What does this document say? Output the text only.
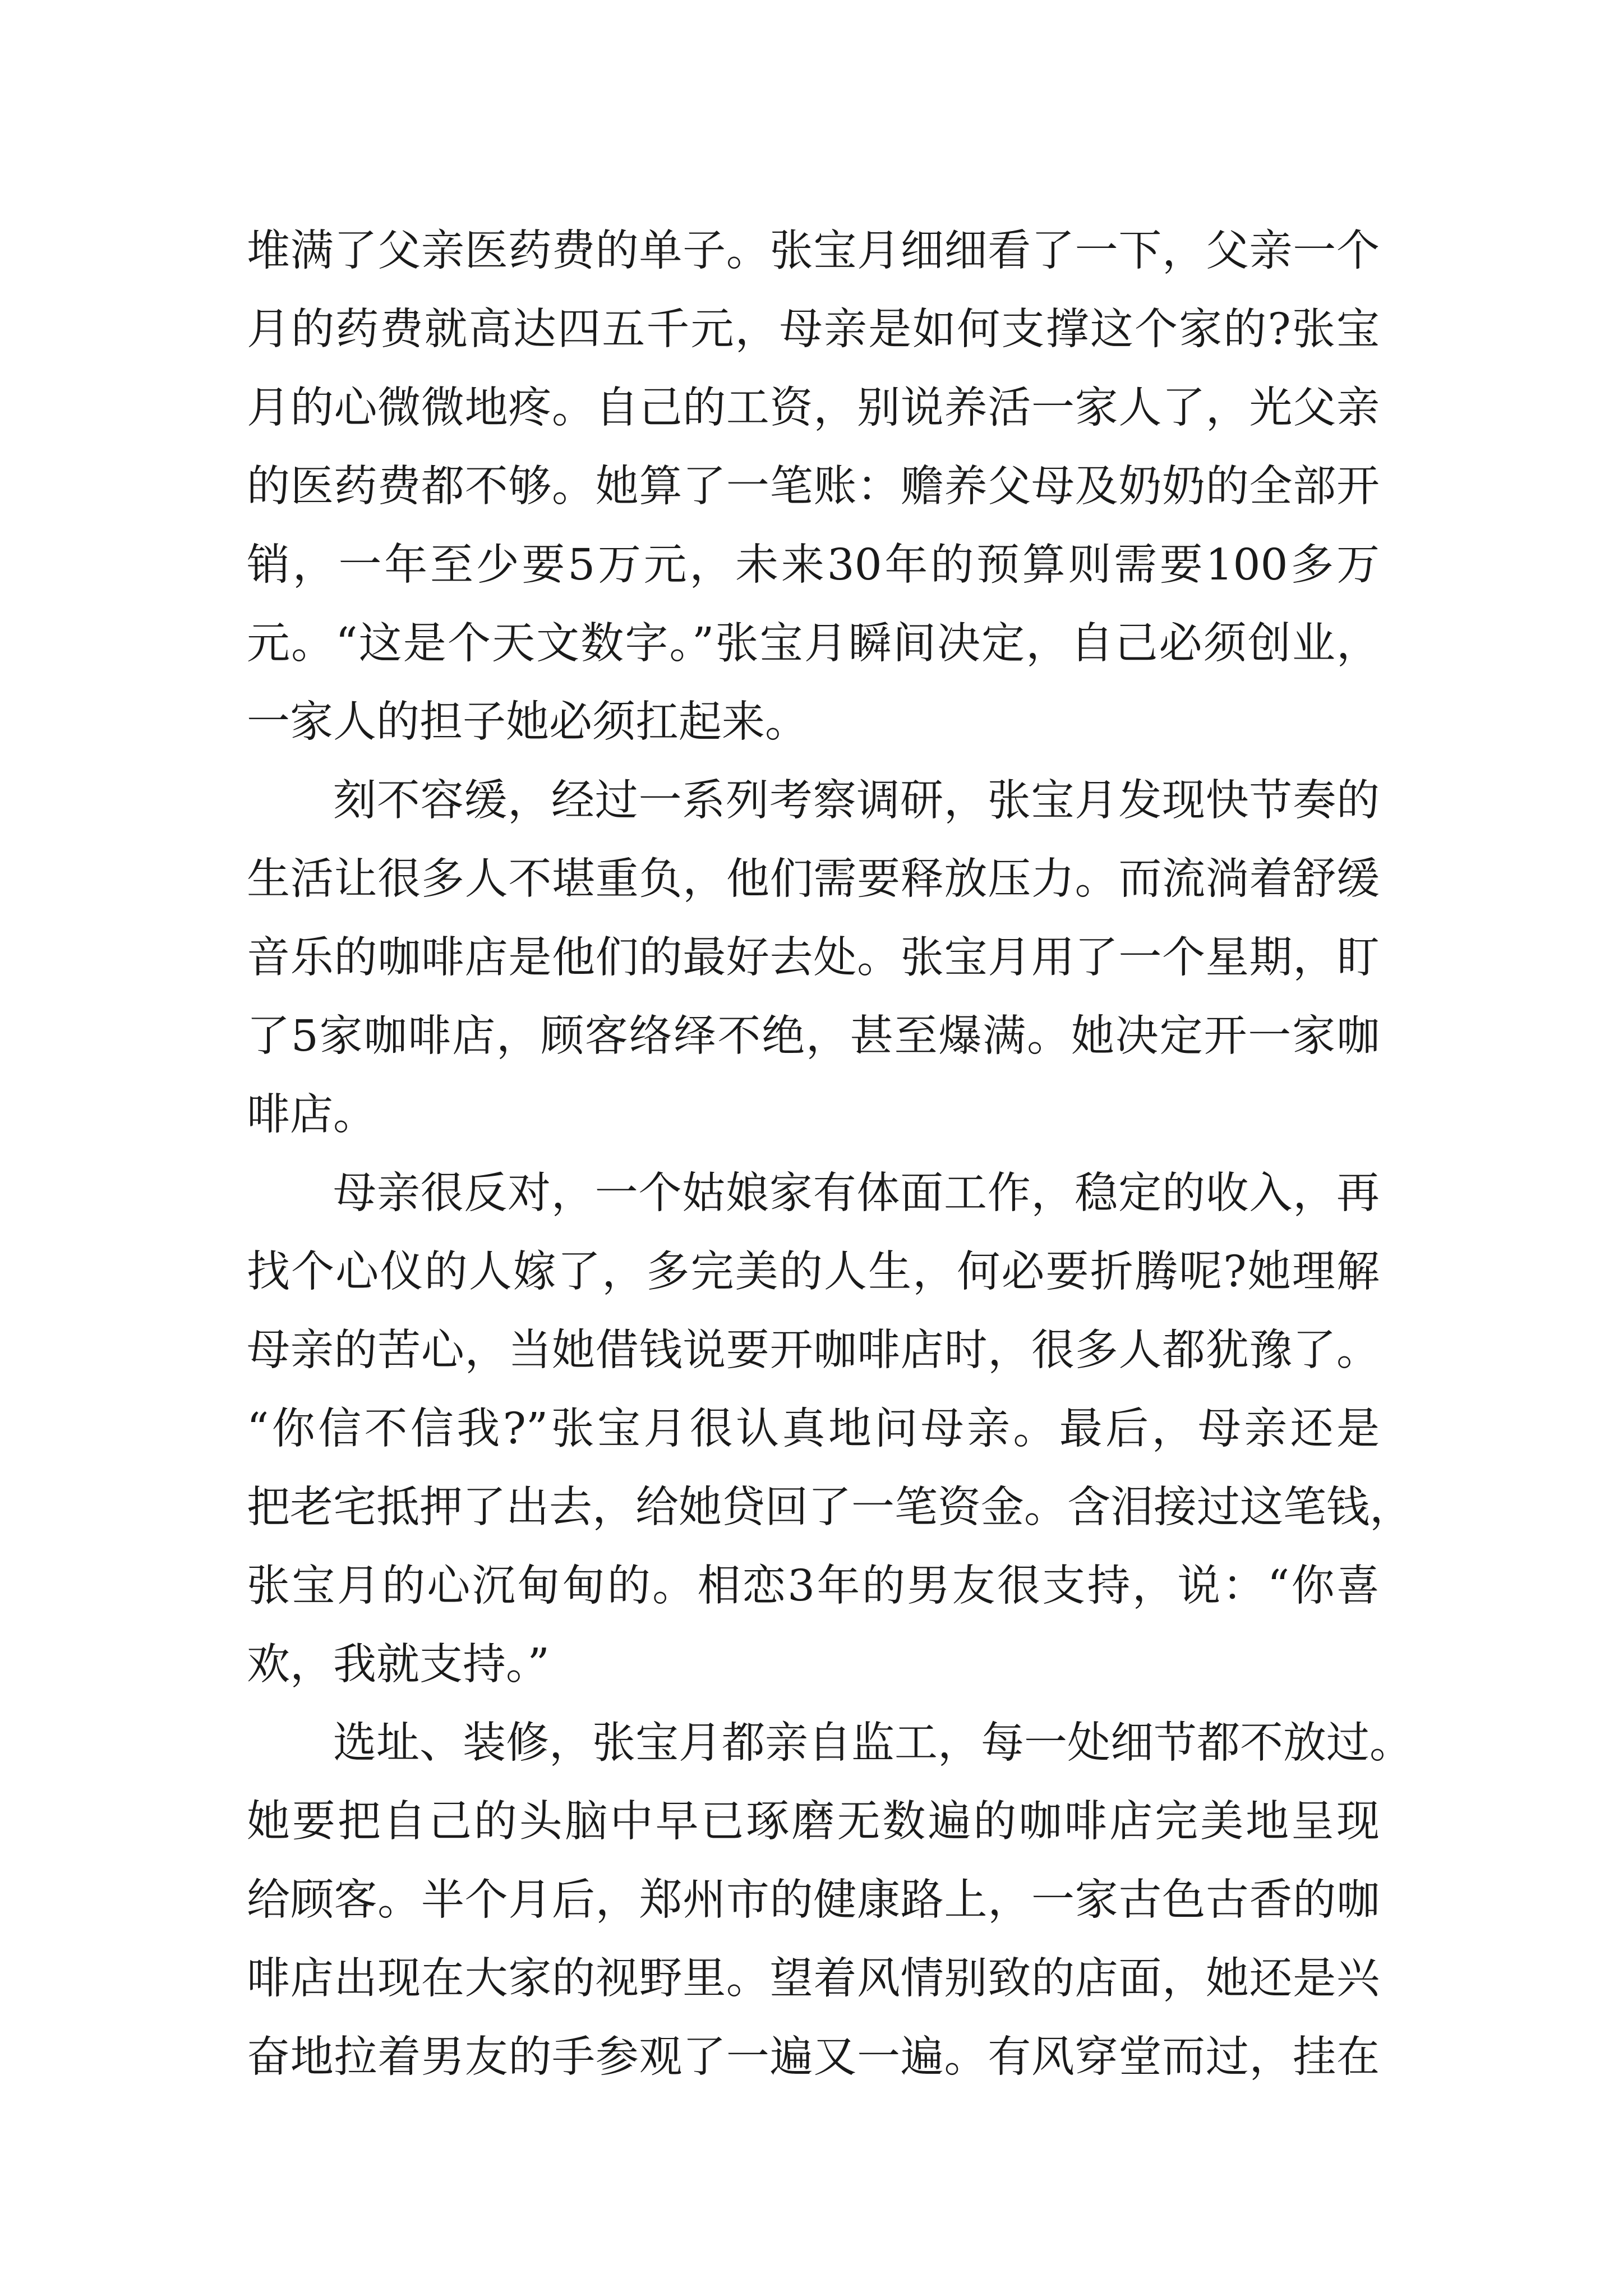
堆满了父亲医药费的单子。张宝月细细看了一下，父亲一个
月的药费就高达四五千元，母亲是如何支撑这个家的?张宝
月的心微微地疼。自己的工资，别说养活一家人了，光父亲
的医药费都不够。她算了一笔账：赡养父母及奶奶的全部开
销，一年至少要5万元，未来30年的预算则需要100多万
元。“这是个天文数字。”张宝月瞬间决定，自己必须创业，
一家人的担子她必须扛起来。
刻不容缓，经过一系列考察调研，张宝月发现快节奏的
生活让很多人不堪重负，他们需要释放压力。而流淌着舒缓
音乐的咖啡店是他们的最好去处。张宝月用了一个星期，盯
了5家咖啡店，顾客络绎不绝，甚至爆满。她决定开一家咖
啡店。
母亲很反对，一个姑娘家有体面工作，稳定的收入，再
找个心仪的人嫁了，多完美的人生，何必要折腾呢?她理解
母亲的苦心，当她借钱说要开咖啡店时，很多人都犹豫了。
“你信不信我?”张宝月很认真地问母亲。最后，母亲还是
把老宅抵押了出去，给她贷回了一笔资金。含泪接过这笔钱，
张宝月的心沉甸甸的。相恋3年的男友很支持，说：“你喜
欢，我就支持。”
选址、装修，张宝月都亲自监工，每一处细节都不放过。
她要把自己的头脑中早已琢磨无数遍的咖啡店完美地呈现
给顾客。半个月后，郑州市的健康路上，一家古色古香的咖
啡店出现在大家的视野里。望着风情别致的店面，她还是兴
奋地拉着男友的手参观了一遍又一遍。有风穿堂而过，挂在
